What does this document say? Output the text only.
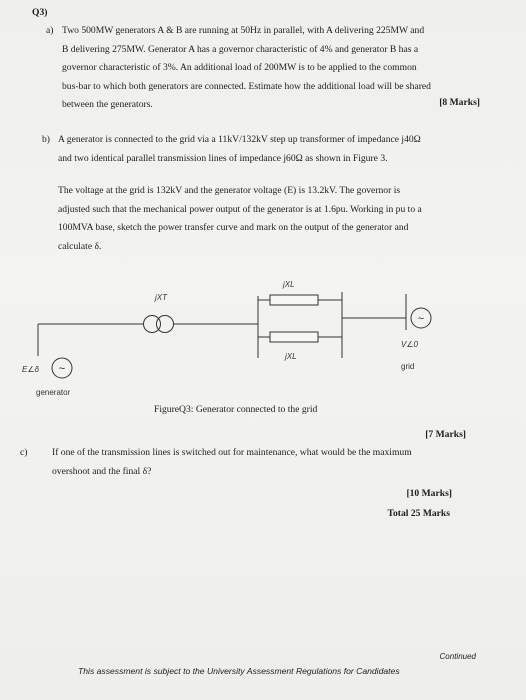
Q3)
a) Two 500MW generators A & B are running at 50Hz in parallel, with A delivering 225MW and
B delivering 275MW. Generator A has a governor characteristic of 4% and generator B has a
governor characteristic of 3%. An additional load of 200MW is to be applied to the common
bus-bar to which both generators are connected. Estimate how the additional load will be shared
between the generators.	[8 Marks]
b) A generator is connected to the grid via a 11kV/132kV step up transformer of impedance j40Ω
and two identical parallel transmission lines of impedance j60Ω as shown in Figure 3.
The voltage at the grid is 132kV and the generator voltage (E) is 13.2kV. The governor is
adjusted such that the mechanical power output of the generator is at 1.6pu. Working in pu to a
100MVA base, sketch the power transfer curve and mark on the output of the generator and
calculate δ.
~
~
jXT
jXL
jXL
E∠δ
V∠0
grid
generator
FigureQ3: Generator connected to the grid
[7 Marks]
c)	If one of the transmission lines is switched out for maintenance, what would be the maximum
overshoot and the final δ?
[10 Marks]
Total 25 Marks
Continued
This assessment is subject to the University Assessment Regulations for Candidates
